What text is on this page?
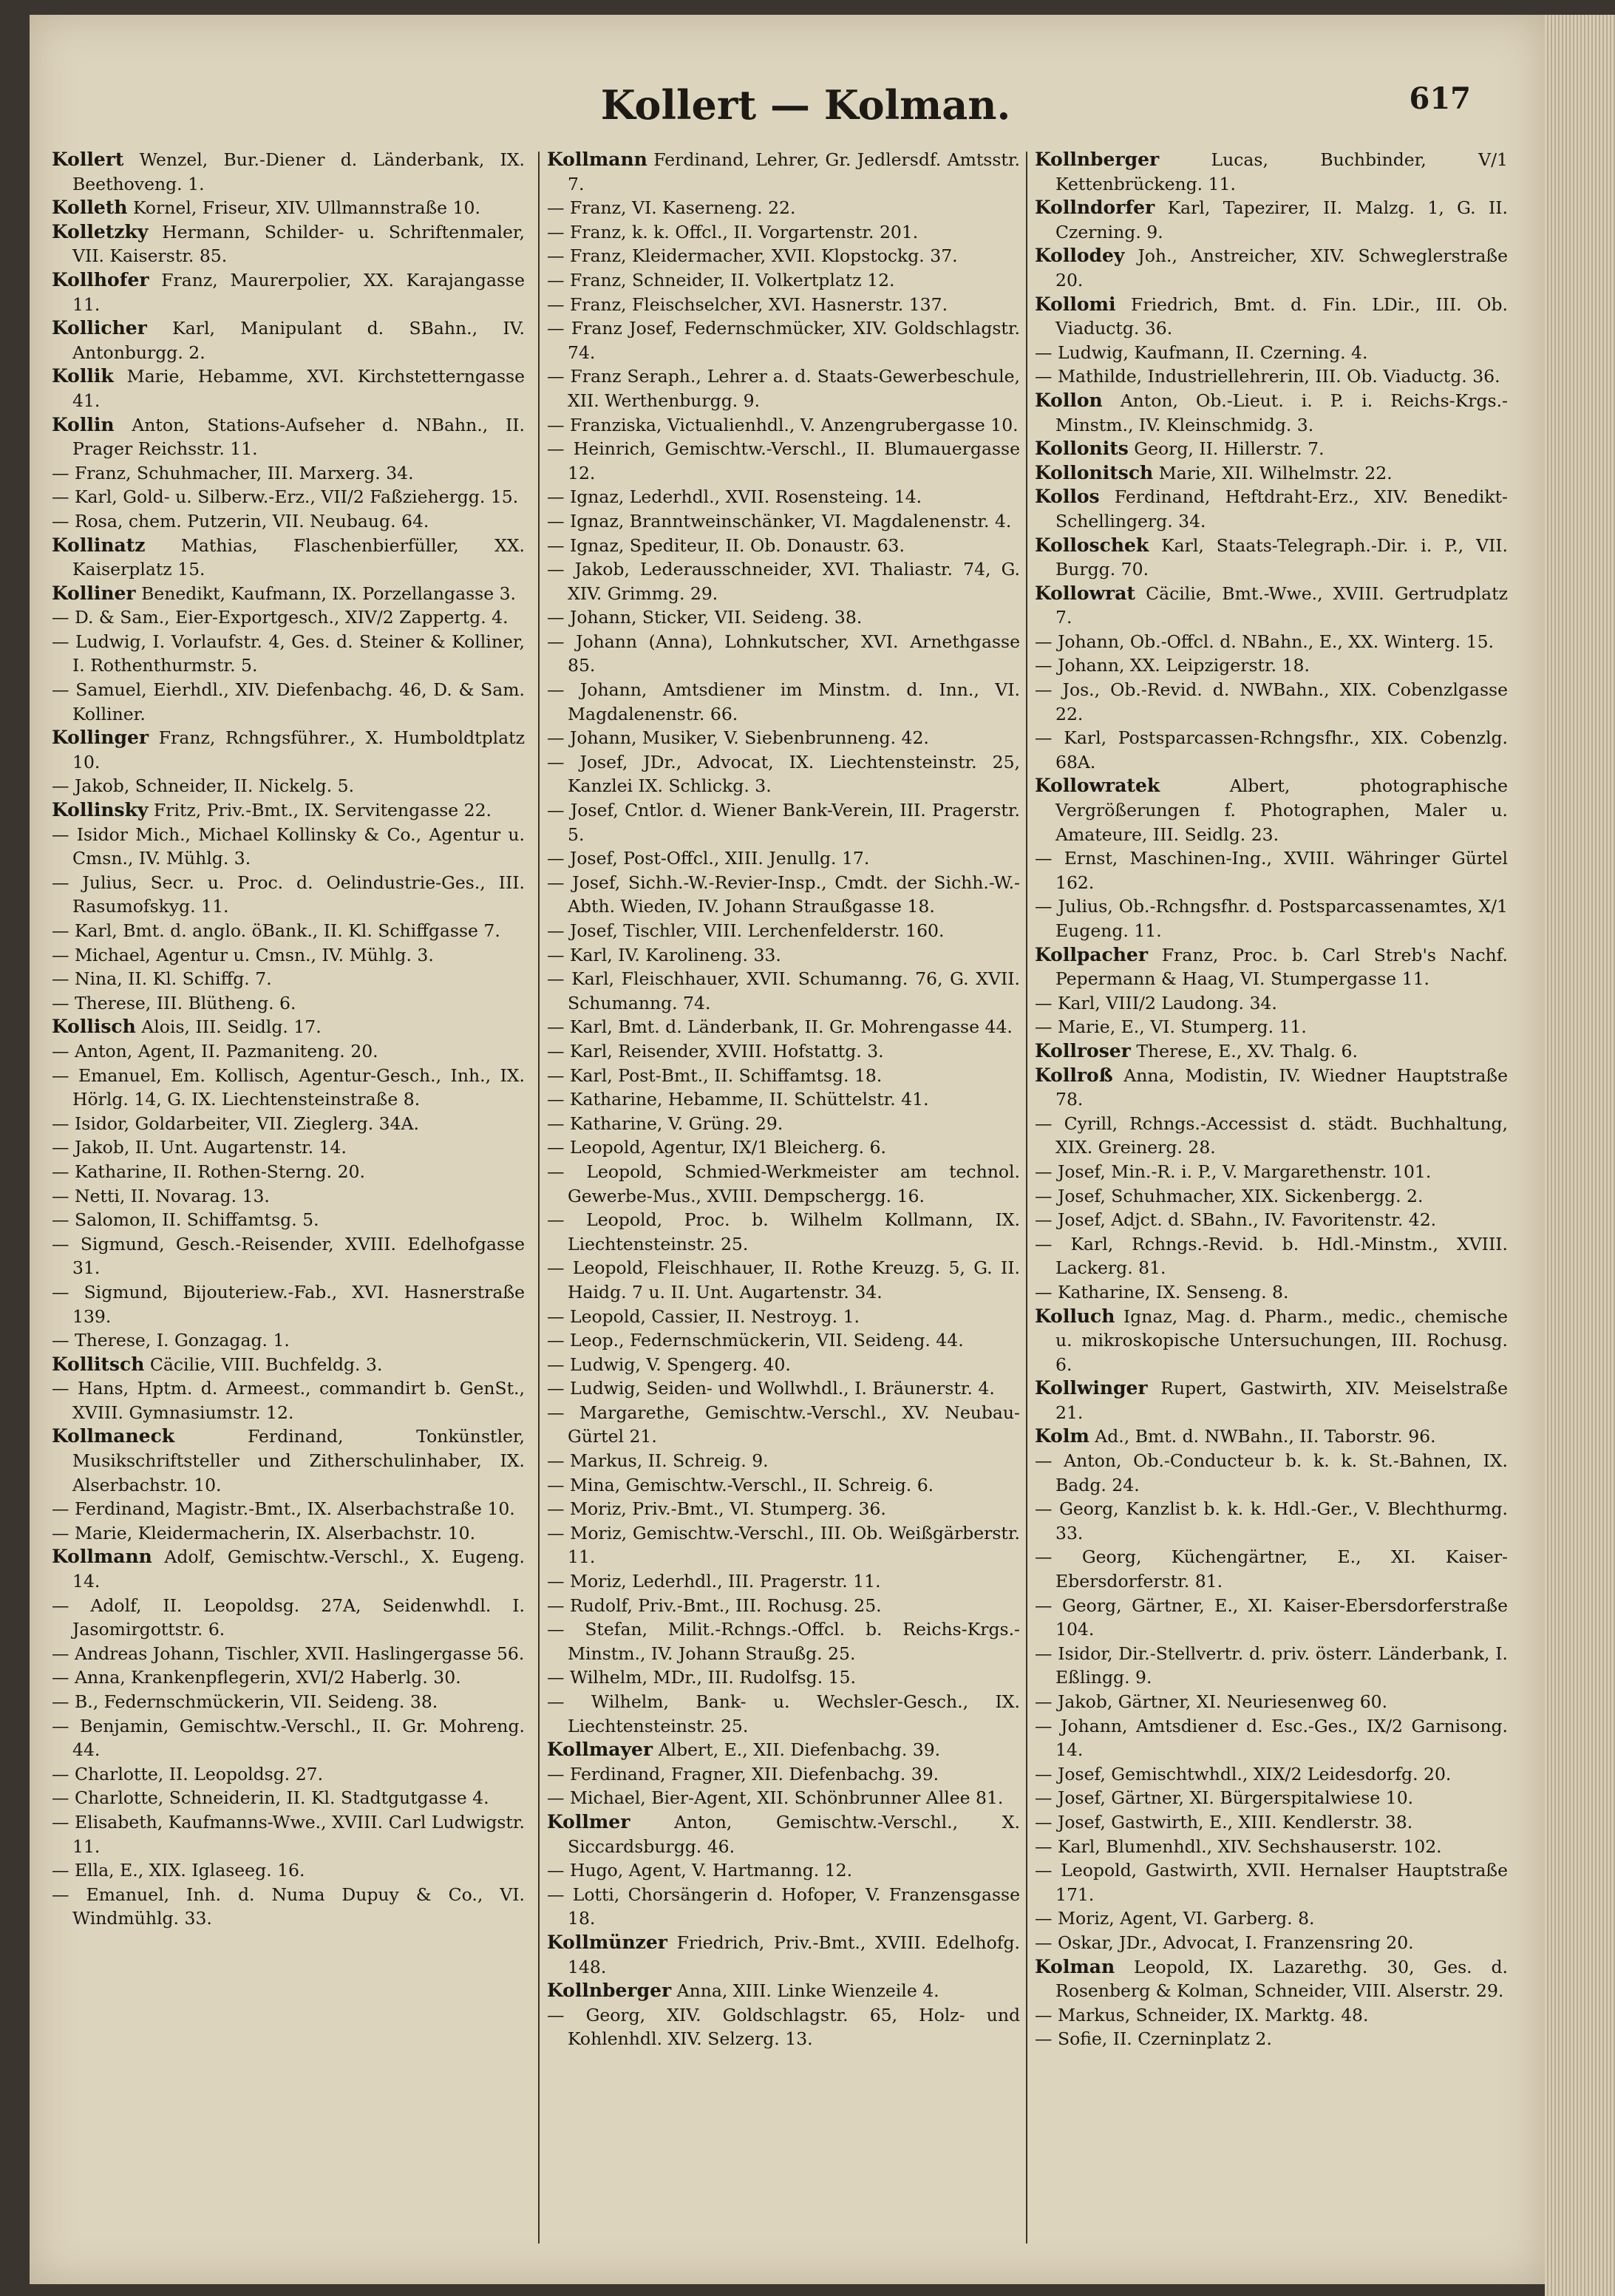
Kollert — Kolman.	617

Kollert Wenzel, Bur.-Diener d. Länderbank, IX. Beethoveng. 1.

Kolleth Kornel, Friseur, XIV. Ullmannstraße 10.

Kolletzky Hermann, Schilder- u. Schriftenmaler, VII. Kaiserstr. 85.

Kollhofer Franz, Maurerpolier, XX. Karajangasse 11.

Kollicher Karl, Manipulant d. SBahn., IV. Antonburgg. 2.

Kollik Marie, Hebamme, XVI. Kirchstetterngasse 41.

Kollin Anton, Stations-Aufseher d. NBahn., II. Prager Reichsstr. 11.

— Franz, Schuhmacher, III. Marxerg. 34.

— Karl, Gold- u. Silberw.-Erz., VII/2 Faßziehergg. 15.

— Rosa, chem. Putzerin, VII. Neubaug. 64.

Kollinatz Mathias, Flaschenbierfüller, XX. Kaiserplatz 15.

Kolliner Benedikt, Kaufmann, IX. Porzellangasse 3.

— D. & Sam., Eier-Exportgesch., XIV/2 Zappertg. 4.

— Ludwig, I. Vorlaufstr. 4, Ges. d. Steiner & Kolliner, I. Rothenthurmstr. 5.

— Samuel, Eierhdl., XIV. Diefenbachg. 46, D. & Sam. Kolliner.

Kollinger Franz, Rchngsführer., X. Humboldtplatz 10.

— Jakob, Schneider, II. Nickelg. 5.

Kollinsky Fritz, Priv.-Bmt., IX. Servitengasse 22.

— Isidor Mich., Michael Kollinsky & Co., Agentur u. Cmsn., IV. Mühlg. 3.

— Julius, Secr. u. Proc. d. Oelindustrie-Ges., III. Rasumofskyg. 11.

— Karl, Bmt. d. anglo. öBank., II. Kl. Schiffgasse 7.

— Michael, Agentur u. Cmsn., IV. Mühlg. 3.

— Nina, II. Kl. Schiffg. 7.

— Therese, III. Blütheng. 6.

Kollisch Alois, III. Seidlg. 17.

— Anton, Agent, II. Pazmaniteng. 20.

— Emanuel, Em. Kollisch, Agentur-Gesch., Inh., IX. Hörlg. 14, G. IX. Liechtensteinstraße 8.

— Isidor, Goldarbeiter, VII. Zieglerg. 34A.

— Jakob, II. Unt. Augartenstr. 14.

— Katharine, II. Rothen-Sterng. 20.

— Netti, II. Novarag. 13.

— Salomon, II. Schiffamtsg. 5.

— Sigmund, Gesch.-Reisender, XVIII. Edelhofgasse 31.

— Sigmund, Bijouteriew.-Fab., XVI. Hasnerstraße 139.

— Therese, I. Gonzagag. 1.

Kollitsch Cäcilie, VIII. Buchfeldg. 3.

— Hans, Hptm. d. Armeest., commandirt b. GenSt., XVIII. Gymnasiumstr. 12.

Kollmaneck Ferdinand, Tonkünstler, Musikschriftsteller und Zitherschulinhaber, IX. Alserbachstr. 10.

— Ferdinand, Magistr.-Bmt., IX. Alserbachstraße 10.

— Marie, Kleidermacherin, IX. Alserbachstr. 10.

Kollmann Adolf, Gemischtw.-Verschl., X. Eugeng. 14.

— Adolf, II. Leopoldsg. 27A, Seidenwhdl. I. Jasomirgottstr. 6.

— Andreas Johann, Tischler, XVII. Haslingergasse 56.

— Anna, Krankenpflegerin, XVI/2 Haberlg. 30.

— B., Federnschmückerin, VII. Seideng. 38.

— Benjamin, Gemischtw.-Verschl., II. Gr. Mohreng. 44.

— Charlotte, II. Leopoldsg. 27.

— Charlotte, Schneiderin, II. Kl. Stadtgutgasse 4.

— Elisabeth, Kaufmanns-Wwe., XVIII. Carl Ludwigstr. 11.

— Ella, E., XIX. Iglaseeg. 16.

— Emanuel, Inh. d. Numa Dupuy & Co., VI. Windmühlg. 33.

Kollmann Ferdinand, Lehrer, Gr. Jedlersdf. Amtsstr. 7.

— Franz, VI. Kaserneng. 22.

— Franz, k. k. Offcl., II. Vorgartenstr. 201.

— Franz, Kleidermacher, XVII. Klopstockg. 37.

— Franz, Schneider, II. Volkertplatz 12.

— Franz, Fleischselcher, XVI. Hasnerstr. 137.

— Franz Josef, Federnschmücker, XIV. Goldschlagstr. 74.

— Franz Seraph., Lehrer a. d. Staats-Gewerbeschule, XII. Werthenburgg. 9.

— Franziska, Victualienhdl., V. Anzengrubergasse 10.

— Heinrich, Gemischtw.-Verschl., II. Blumauergasse 12.

— Ignaz, Lederhdl., XVII. Rosensteing. 14.

— Ignaz, Branntweinschänker, VI. Magdalenenstr. 4.

— Ignaz, Spediteur, II. Ob. Donaustr. 63.

— Jakob, Lederausschneider, XVI. Thaliastr. 74, G. XIV. Grimmg. 29.

— Johann, Sticker, VII. Seideng. 38.

— Johann (Anna), Lohnkutscher, XVI. Arnethgasse 85.

— Johann, Amtsdiener im Minstm. d. Inn., VI. Magdalenenstr. 66.

— Johann, Musiker, V. Siebenbrunneng. 42.

— Josef, JDr., Advocat, IX. Liechtensteinstr. 25, Kanzlei IX. Schlickg. 3.

— Josef, Cntlor. d. Wiener Bank-Verein, III. Pragerstr. 5.

— Josef, Post-Offcl., XIII. Jenullg. 17.

— Josef, Sichh.-W.-Revier-Insp., Cmdt. der Sichh.-W.-Abth. Wieden, IV. Johann Straußgasse 18.

— Josef, Tischler, VIII. Lerchenfelderstr. 160.

— Karl, IV. Karolineng. 33.

— Karl, Fleischhauer, XVII. Schumanng. 76, G. XVII. Schumanng. 74.

— Karl, Bmt. d. Länderbank, II. Gr. Mohrengasse 44.

— Karl, Reisender, XVIII. Hofstattg. 3.

— Karl, Post-Bmt., II. Schiffamtsg. 18.

— Katharine, Hebamme, II. Schüttelstr. 41.

— Katharine, V. Grüng. 29.

— Leopold, Agentur, IX/1 Bleicherg. 6.

— Leopold, Schmied-Werkmeister am technol. Gewerbe-Mus., XVIII. Dempschergg. 16.

— Leopold, Proc. b. Wilhelm Kollmann, IX. Liechtensteinstr. 25.

— Leopold, Fleischhauer, II. Rothe Kreuzg. 5, G. II. Haidg. 7 u. II. Unt. Augartenstr. 34.

— Leopold, Cassier, II. Nestroyg. 1.

— Leop., Federnschmückerin, VII. Seideng. 44.

— Ludwig, V. Spengerg. 40.

— Ludwig, Seiden- und Wollwhdl., I. Bräunerstr. 4.

— Margarethe, Gemischtw.-Verschl., XV. Neubau-Gürtel 21.

— Markus, II. Schreig. 9.

— Mina, Gemischtw.-Verschl., II. Schreig. 6.

— Moriz, Priv.-Bmt., VI. Stumperg. 36.

— Moriz, Gemischtw.-Verschl., III. Ob. Weißgärberstr. 11.

— Moriz, Lederhdl., III. Pragerstr. 11.

— Rudolf, Priv.-Bmt., III. Rochusg. 25.

— Stefan, Milit.-Rchngs.-Offcl. b. Reichs-Krgs.-Minstm., IV. Johann Straußg. 25.

— Wilhelm, MDr., III. Rudolfsg. 15.

— Wilhelm, Bank- u. Wechsler-Gesch., IX. Liechtensteinstr. 25.

Kollmayer Albert, E., XII. Diefenbachg. 39.

— Ferdinand, Fragner, XII. Diefenbachg. 39.

— Michael, Bier-Agent, XII. Schönbrunner Allee 81.

Kollmer Anton, Gemischtw.-Verschl., X. Siccardsburgg. 46.

— Hugo, Agent, V. Hartmanng. 12.

— Lotti, Chorsängerin d. Hofoper, V. Franzensgasse 18.

Kollmünzer Friedrich, Priv.-Bmt., XVIII. Edelhofg. 148.

Kollnberger Anna, XIII. Linke Wienzeile 4.

— Georg, XIV. Goldschlagstr. 65, Holz- und Kohlenhdl. XIV. Selzerg. 13.

Kollnberger Lucas, Buchbinder, V/1 Kettenbrückeng. 11.

Kollndorfer Karl, Tapezirer, II. Malzg. 1, G. II. Czerning. 9.

Kollodey Joh., Anstreicher, XIV. Schweglerstraße 20.

Kollomi Friedrich, Bmt. d. Fin. LDir., III. Ob. Viaductg. 36.

— Ludwig, Kaufmann, II. Czerning. 4.

— Mathilde, Industriellehrerin, III. Ob. Viaductg. 36.

Kollon Anton, Ob.-Lieut. i. P. i. Reichs-Krgs.-Minstm., IV. Kleinschmidg. 3.

Kollonits Georg, II. Hillerstr. 7.

Kollonitsch Marie, XII. Wilhelmstr. 22.

Kollos Ferdinand, Heftdraht-Erz., XIV. Benedikt-Schellingerg. 34.

Kolloschek Karl, Staats-Telegraph.-Dir. i. P., VII. Burgg. 70.

Kollowrat Cäcilie, Bmt.-Wwe., XVIII. Gertrudplatz 7.

— Johann, Ob.-Offcl. d. NBahn., E., XX. Winterg. 15.

— Johann, XX. Leipzigerstr. 18.

— Jos., Ob.-Revid. d. NWBahn., XIX. Cobenzlgasse 22.

— Karl, Postsparcassen-Rchngsfhr., XIX. Cobenzlg. 68A.

Kollowratek Albert, photographische Vergrößerungen f. Photographen, Maler u. Amateure, III. Seidlg. 23.

— Ernst, Maschinen-Ing., XVIII. Währinger Gürtel 162.

— Julius, Ob.-Rchngsfhr. d. Postsparcassenamtes, X/1 Eugeng. 11.

Kollpacher Franz, Proc. b. Carl Streb's Nachf. Pepermann & Haag, VI. Stumpergasse 11.

— Karl, VIII/2 Laudong. 34.

— Marie, E., VI. Stumperg. 11.

Kollroser Therese, E., XV. Thalg. 6.

Kollroß Anna, Modistin, IV. Wiedner Hauptstraße 78.

— Cyrill, Rchngs.-Accessist d. städt. Buchhaltung, XIX. Greinerg. 28.

— Josef, Min.-R. i. P., V. Margarethenstr. 101.

— Josef, Schuhmacher, XIX. Sickenbergg. 2.

— Josef, Adjct. d. SBahn., IV. Favoritenstr. 42.

— Karl, Rchngs.-Revid. b. Hdl.-Minstm., XVIII. Lackerg. 81.

— Katharine, IX. Senseng. 8.

Kolluch Ignaz, Mag. d. Pharm., medic., chemische u. mikroskopische Untersuchungen, III. Rochusg. 6.

Kollwinger Rupert, Gastwirth, XIV. Meiselstraße 21.

Kolm Ad., Bmt. d. NWBahn., II. Taborstr. 96.

— Anton, Ob.-Conducteur b. k. k. St.-Bahnen, IX. Badg. 24.

— Georg, Kanzlist b. k. k. Hdl.-Ger., V. Blechthurmg. 33.

— Georg, Küchengärtner, E., XI. Kaiser-Ebersdorferstr. 81.

— Georg, Gärtner, E., XI. Kaiser-Ebersdorferstraße 104.

— Isidor, Dir.-Stellvertr. d. priv. österr. Länderbank, I. Eßlingg. 9.

— Jakob, Gärtner, XI. Neuriesenweg 60.

— Johann, Amtsdiener d. Esc.-Ges., IX/2 Garnisong. 14.

— Josef, Gemischtwhdl., XIX/2 Leidesdorfg. 20.

— Josef, Gärtner, XI. Bürgerspitalwiese 10.

— Josef, Gastwirth, E., XIII. Kendlerstr. 38.

— Karl, Blumenhdl., XIV. Sechshauserstr. 102.

— Leopold, Gastwirth, XVII. Hernalser Hauptstraße 171.

— Moriz, Agent, VI. Garberg. 8.

— Oskar, JDr., Advocat, I. Franzensring 20.

Kolman Leopold, IX. Lazarethg. 30, Ges. d. Rosenberg & Kolman, Schneider, VIII. Alserstr. 29.

— Markus, Schneider, IX. Marktg. 48.

— Sofie, II. Czerninplatz 2.
